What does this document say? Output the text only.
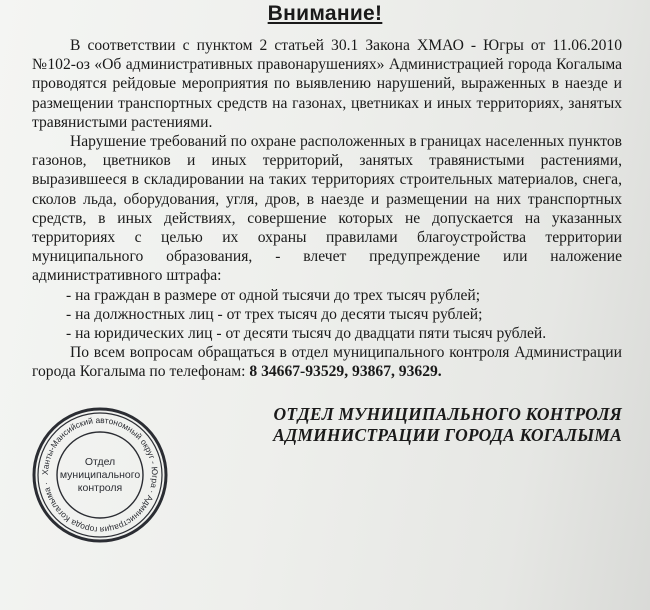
Внимание!

В соответствии с пунктом 2 статьей 30.1 Закона ХМАО - Югры от 11.06.2010 №102-оз «Об административных правонарушениях» Администрацией города Когалыма проводятся рейдовые мероприятия по выявлению нарушений, выраженных в наезде и размещении транспортных средств на газонах, цветниках и иных территориях, занятых травянистыми растениями.

Нарушение требований по охране расположенных в границах населенных пунктов газонов, цветников и иных территорий, занятых травянистыми растениями, выразившееся в складировании на таких территориях строительных материалов, снега, сколов льда, оборудования, угля, дров, в наезде и размещении на них транспортных средств, в иных действиях, совершение которых не допускается на указанных территориях с целью их охраны правилами благоустройства территории муниципального образования, - влечет предупреждение или наложение административного штрафа:

- на граждан в размере от одной тысячи до трех тысяч рублей;
- на должностных лиц - от трех тысяч до десяти тысяч рублей;
- на юридических лиц - от десяти тысяч до двадцати пяти тысяч рублей.

По всем вопросам обращаться в отдел муниципального контроля Администрации города Когалыма по телефонам: 8 34667-93529, 93867, 93629.

ОТДЕЛ МУНИЦИПАЛЬНОГО КОНТРОЛЯ
АДМИНИСТРАЦИИ ГОРОДА КОГАЛЫМА
Ханты-Мансийский автономный округ - Югра · Администрация города Когалыма ·
Отдел
муниципального
контроля
